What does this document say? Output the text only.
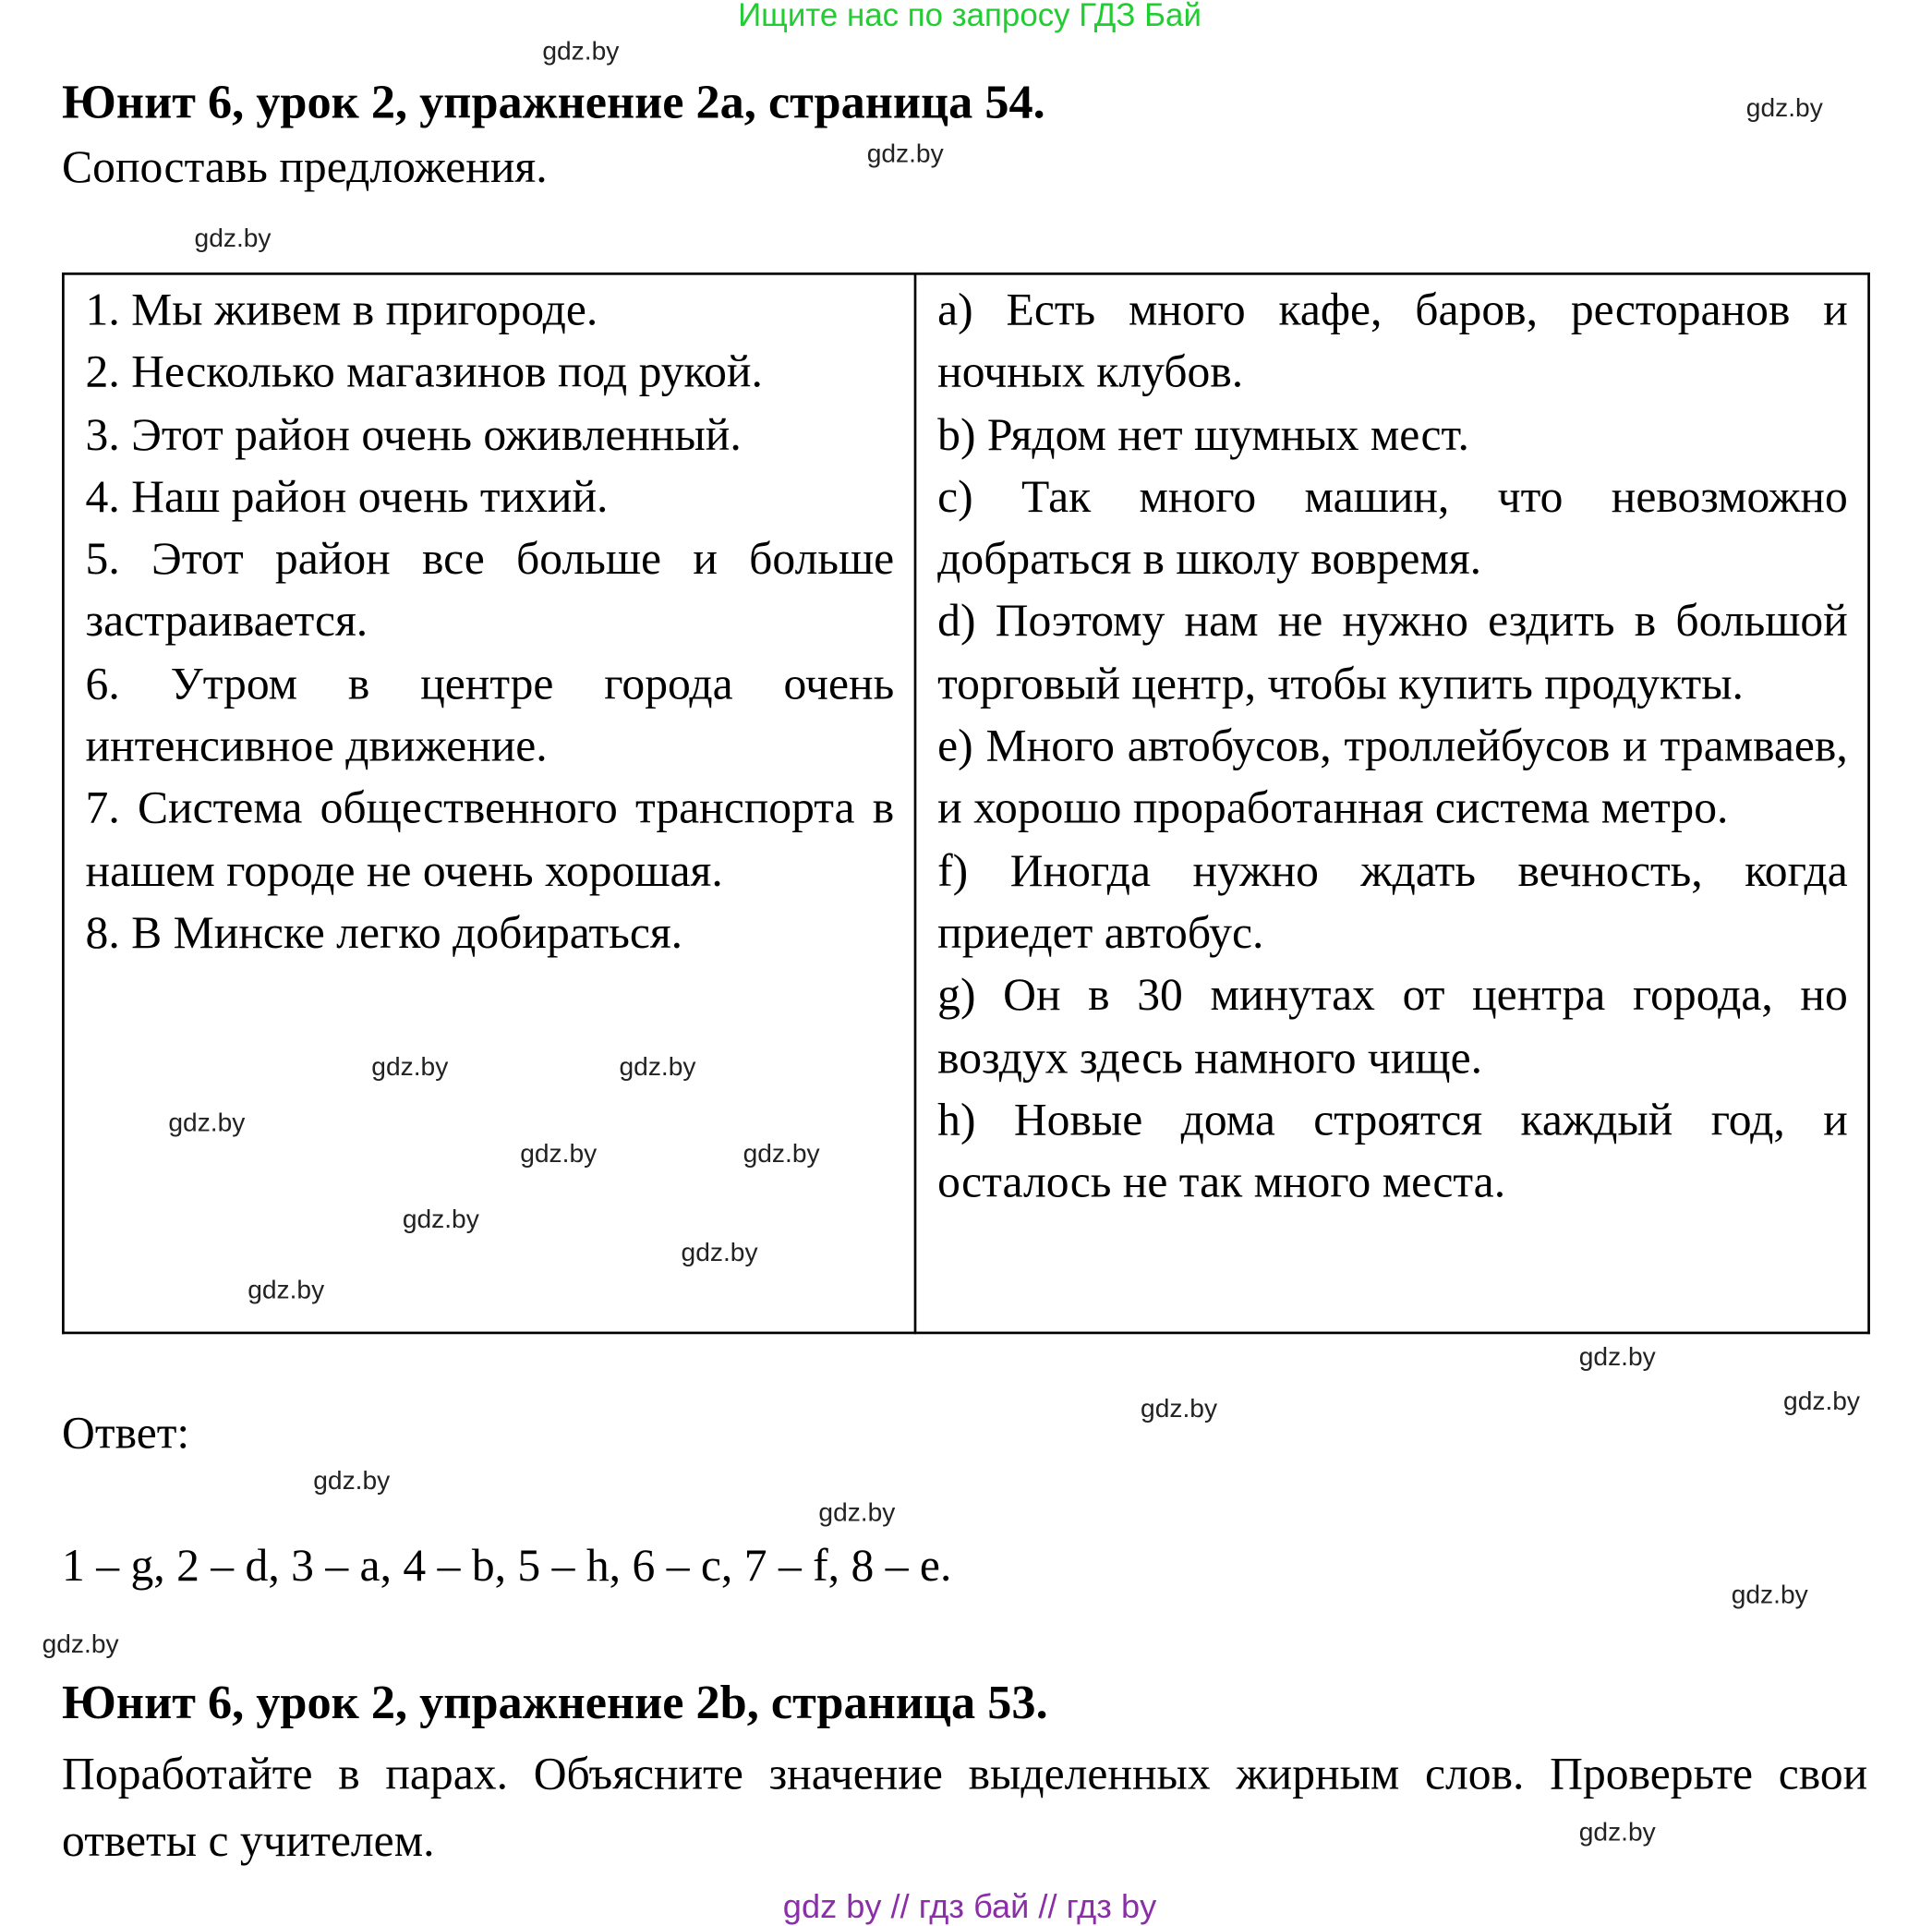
Ищите нас по запросу ГДЗ Бай
Юнит 6, урок 2, упражнение 2a, страница 54.
Сопоставь предложения.
1. Мы живем в пригороде.
2. Несколько магазинов под рукой.
3. Этот район очень оживленный.
4. Наш район очень тихий.
5. Этот район все больше и больше застраивается.
6. Утром в центре города очень интенсивное движение.
7. Система общественного транспорта в нашем городе не очень хорошая.
8. В Минске легко добираться.

a) Есть много кафе, баров, ресторанов и ночных клубов.
b) Рядом нет шумных мест.
c) Так много машин, что невозможно добраться в школу вовремя.
d) Поэтому нам не нужно ездить в большой торговый центр, чтобы купить продукты.
e) Много автобусов, троллейбусов и трамваев, и хорошо проработанная система метро.
f) Иногда нужно ждать вечность, когда приедет автобус.
g) Он в 30 минутах от центра города, но воздух здесь намного чище.
h) Новые дома строятся каждый год, и осталось не так много места.
Ответ:
1 – g, 2 – d, 3 – a, 4 – b, 5 – h, 6 – c, 7 – f, 8 – e.
Юнит 6, урок 2, упражнение 2b, страница 53.
Поработайте в парах. Объясните значение выделенных жирным слов. Проверьте свои ответы с учителем.
gdz by // гдз бай // гдз by
gdz.by
gdz.by
gdz.by
gdz.by
gdz.by
gdz.by
gdz.by
gdz.by
gdz.by
gdz.by
gdz.by
gdz.by
gdz.by
gdz.by
gdz.by
gdz.by
gdz.by
gdz.by
gdz.by
gdz.by
